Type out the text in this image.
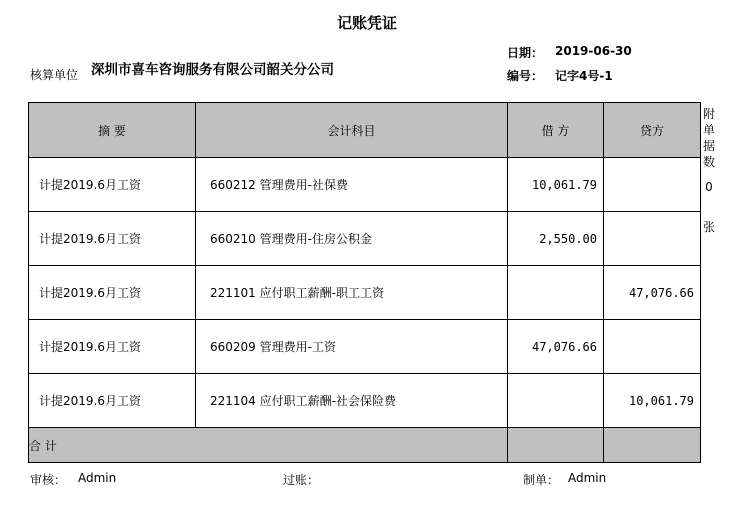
记账凭证
日期： 2019-06-30
编号： 记字4号-1
核算单位 深圳市喜车咨询服务有限公司韶关分公司
摘 要	会计科目	借 方	贷方
计提2019.6月工资	660212 管理费用-社保费	10,061.79	
计提2019.6月工资	660210 管理费用-住房公积金	2,550.00	
计提2019.6月工资	221101 应付职工薪酬-职工工资		47,076.66
计提2019.6月工资	660209 管理费用-工资	47,076.66	
计提2019.6月工资	221104 应付职工薪酬-社会保险费		10,061.79
合 计			
附单据数
0
张
审核： Admin	过账：	制单： Admin
